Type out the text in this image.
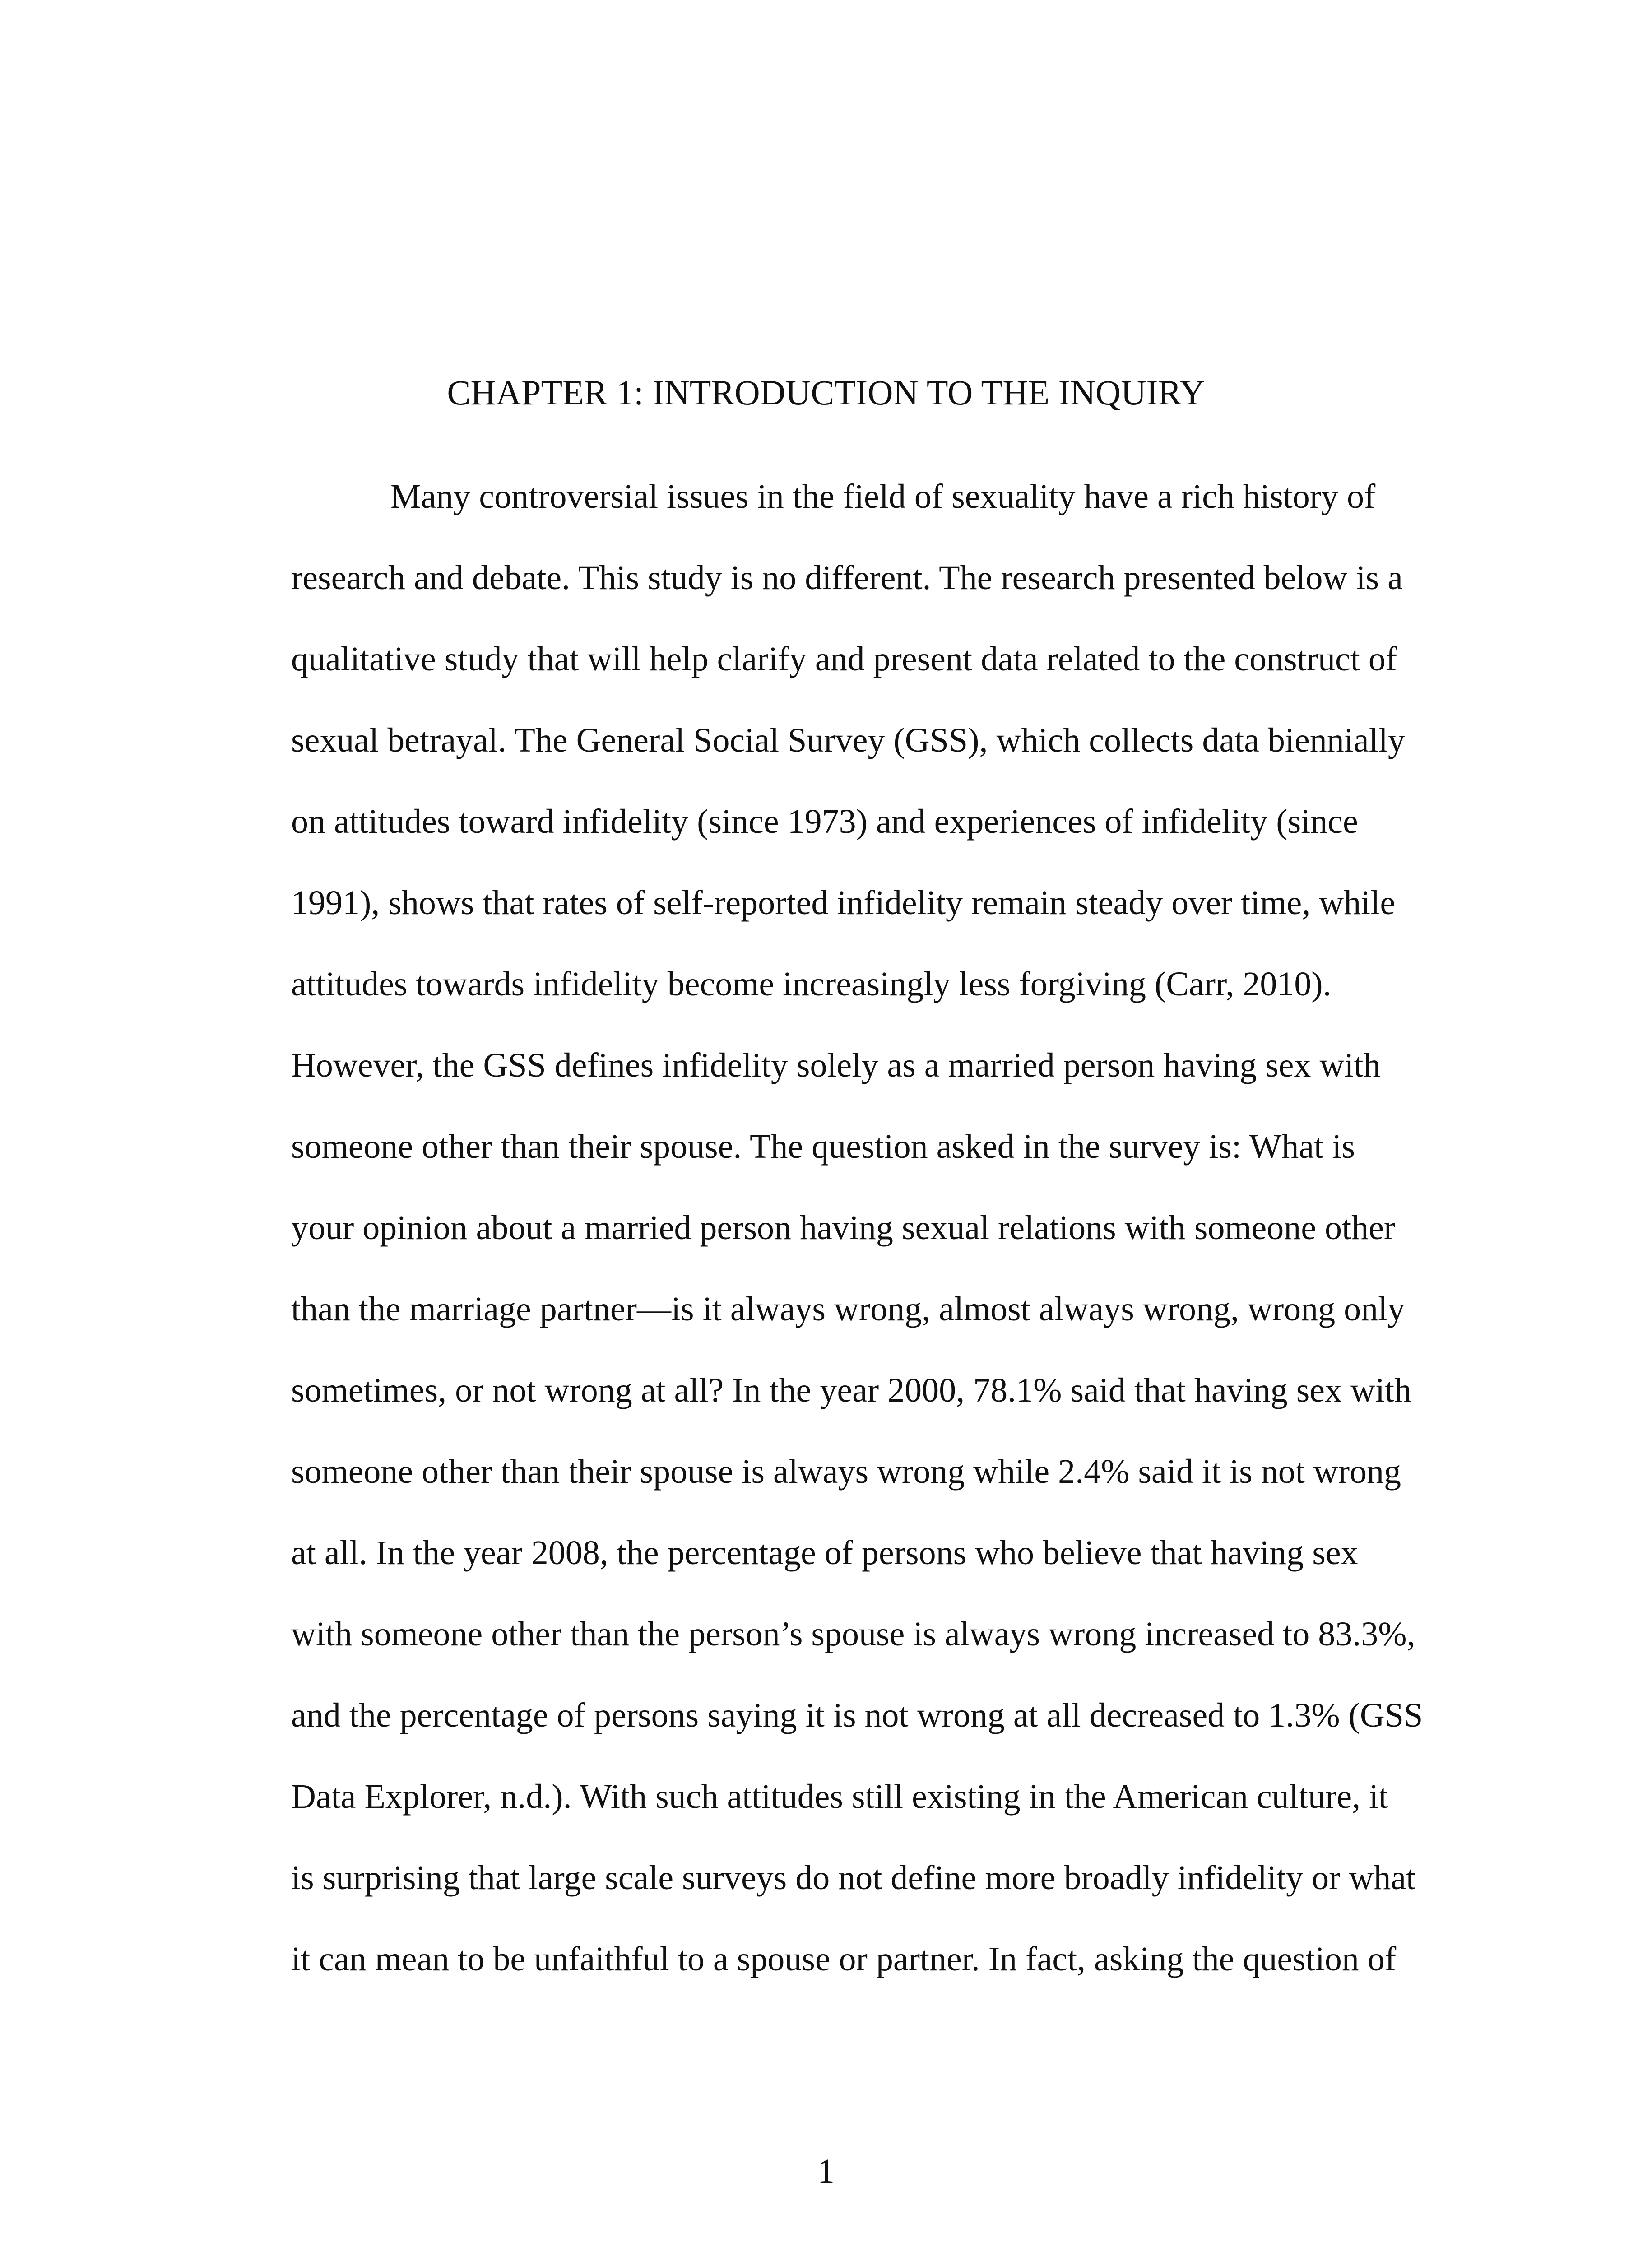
CHAPTER 1: INTRODUCTION TO THE INQUIRY
Many controversial issues in the field of sexuality have a rich history of
research and debate. This study is no different. The research presented below is a
qualitative study that will help clarify and present data related to the construct of
sexual betrayal. The General Social Survey (GSS), which collects data biennially
on attitudes toward infidelity (since 1973) and experiences of infidelity (since
1991), shows that rates of self-reported infidelity remain steady over time, while
attitudes towards infidelity become increasingly less forgiving (Carr, 2010).
However, the GSS defines infidelity solely as a married person having sex with
someone other than their spouse. The question asked in the survey is: What is
your opinion about a married person having sexual relations with someone other
than the marriage partner—is it always wrong, almost always wrong, wrong only
sometimes, or not wrong at all? In the year 2000, 78.1% said that having sex with
someone other than their spouse is always wrong while 2.4% said it is not wrong
at all. In the year 2008, the percentage of persons who believe that having sex
with someone other than the person’s spouse is always wrong increased to 83.3%,
and the percentage of persons saying it is not wrong at all decreased to 1.3% (GSS
Data Explorer, n.d.). With such attitudes still existing in the American culture, it
is surprising that large scale surveys do not define more broadly infidelity or what
it can mean to be unfaithful to a spouse or partner. In fact, asking the question of
1
